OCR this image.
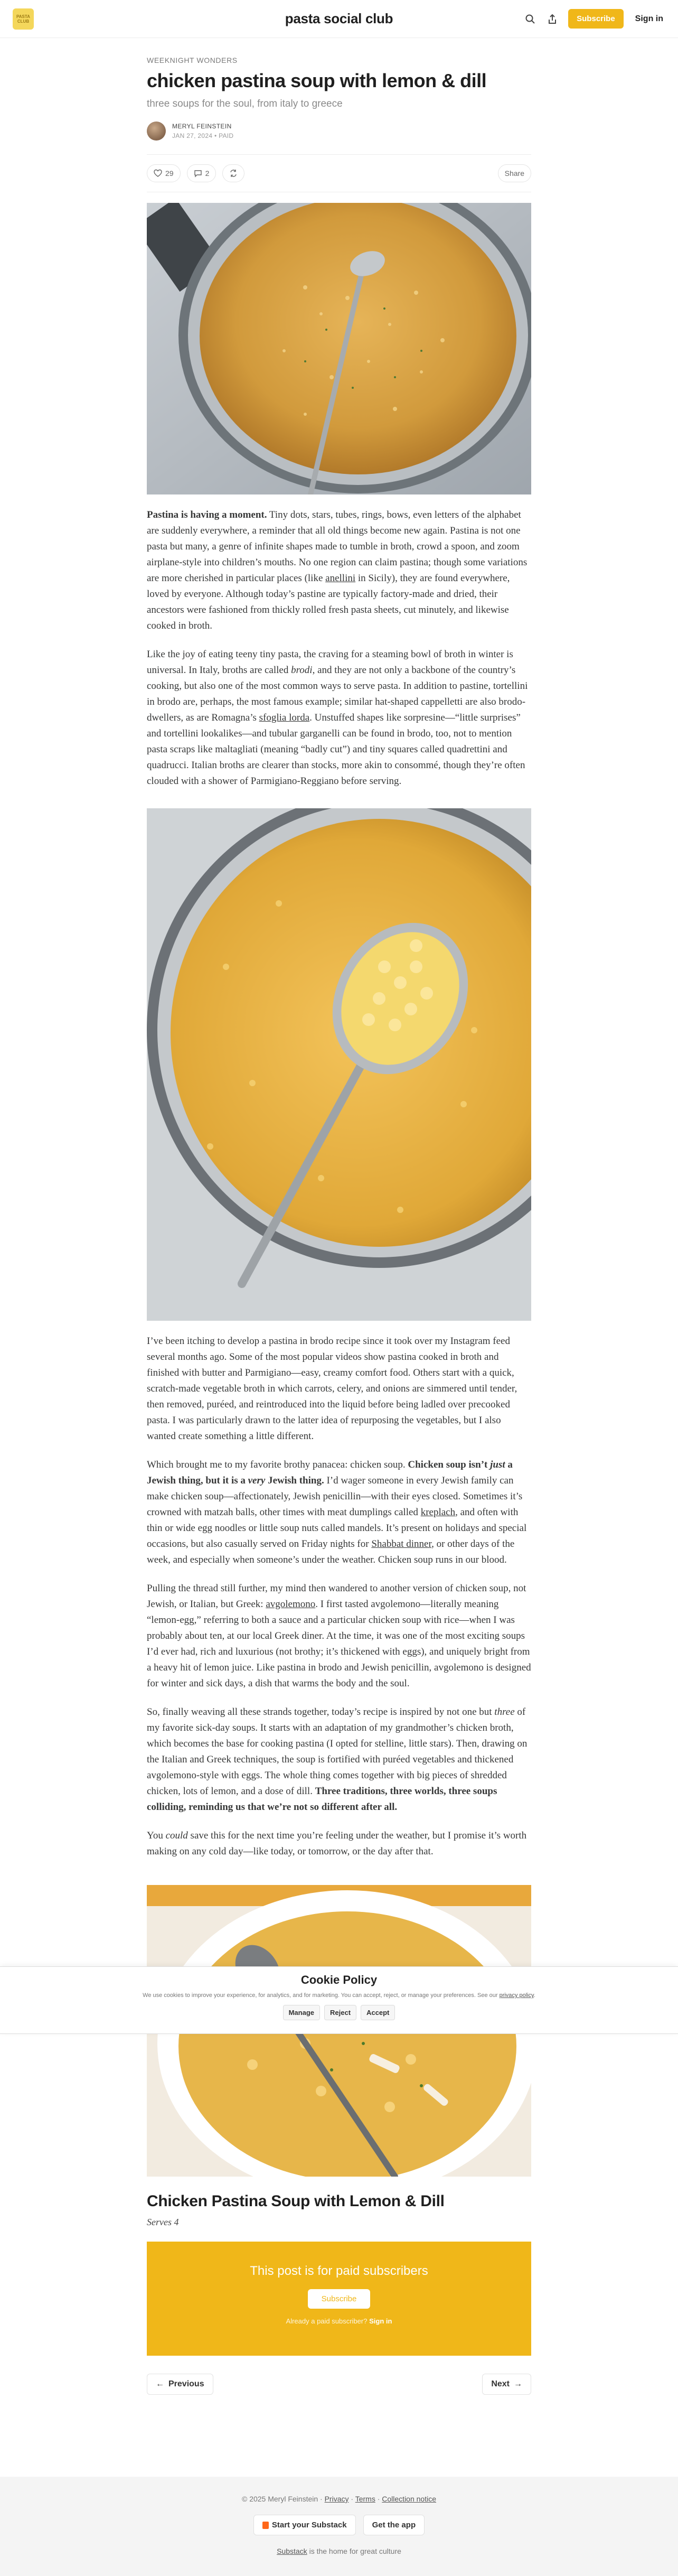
PASTA CLUB	pasta social club	Subscribe	Sign in
WEEKNIGHT WONDERS
chicken pastina soup with lemon & dill
three soups for the soul, from italy to greece
MERYL FEINSTEIN
JAN 27, 2024 • PAID
29	2	Share

Pastina is having a moment. Tiny dots, stars, tubes, rings, bows, even letters of the alphabet are suddenly everywhere, a reminder that all old things become new again. Pastina is not one pasta but many, a genre of infinite shapes made to tumble in broth, crowd a spoon, and zoom airplane-style into children’s mouths. No one region can claim pastina; though some variations are more cherished in particular places (like anellini in Sicily), they are found everywhere, loved by everyone. Although today’s pastine are typically factory-made and dried, their ancestors were fashioned from thickly rolled fresh pasta sheets, cut minutely, and likewise cooked in broth.

Like the joy of eating teeny tiny pasta, the craving for a steaming bowl of broth in winter is universal. In Italy, broths are called brodi, and they are not only a backbone of the country’s cooking, but also one of the most common ways to serve pasta. In addition to pastine, tortellini in brodo are, perhaps, the most famous example; similar hat-shaped cappelletti are also brodo-dwellers, as are Romagna’s sfoglia lorda. Unstuffed shapes like sorpresine—“little surprises” and tortellini lookalikes—and tubular garganelli can be found in brodo, too, not to mention pasta scraps like maltagliati (meaning “badly cut”) and tiny squares called quadrettini and quadrucci. Italian broths are clearer than stocks, more akin to consommé, though they’re often clouded with a shower of Parmigiano-Reggiano before serving.

I’ve been itching to develop a pastina in brodo recipe since it took over my Instagram feed several months ago. Some of the most popular videos show pastina cooked in broth and finished with butter and Parmigiano—easy, creamy comfort food. Others start with a quick, scratch-made vegetable broth in which carrots, celery, and onions are simmered until tender, then removed, puréed, and reintroduced into the liquid before being ladled over precooked pasta. I was particularly drawn to the latter idea of repurposing the vegetables, but I also wanted create something a little different.

Which brought me to my favorite brothy panacea: chicken soup. Chicken soup isn’t just a Jewish thing, but it is a very Jewish thing. I’d wager someone in every Jewish family can make chicken soup—affectionately, Jewish penicillin—with their eyes closed. Sometimes it’s crowned with matzah balls, other times with meat dumplings called kreplach, and often with thin or wide egg noodles or little soup nuts called mandels. It’s present on holidays and special occasions, but also casually served on Friday nights for Shabbat dinner, or other days of the week, and especially when someone’s under the weather. Chicken soup runs in our blood.

Pulling the thread still further, my mind then wandered to another version of chicken soup, not Jewish, or Italian, but Greek: avgolemono. I first tasted avgolemono—literally meaning “lemon-egg,” referring to both a sauce and a particular chicken soup with rice—when I was probably about ten, at our local Greek diner. At the time, it was one of the most exciting soups I’d ever had, rich and luxurious (not brothy; it’s thickened with eggs), and uniquely bright from a heavy hit of lemon juice. Like pastina in brodo and Jewish penicillin, avgolemono is designed for winter and sick days, a dish that warms the body and the soul.

So, finally weaving all these strands together, today’s recipe is inspired by not one but three of my favorite sick-day soups. It starts with an adaptation of my grandmother’s chicken broth, which becomes the base for cooking pastina (I opted for stelline, little stars). Then, drawing on the Italian and Greek techniques, the soup is fortified with puréed vegetables and thickened avgolemono-style with eggs. The whole thing comes together with big pieces of shredded chicken, lots of lemon, and a dose of dill. Three traditions, three worlds, three soups colliding, reminding us that we’re not so different after all.

You could save this for the next time you’re feeling under the weather, but I promise it’s worth making on any cold day—like today, or tomorrow, or the day after that.

Chicken Pastina Soup with Lemon & Dill
Serves 4
This post is for paid subscribers
Subscribe
Already a paid subscriber? Sign in
← Previous	Next →
© 2025 Meryl Feinstein · Privacy · Terms · Collection notice
Start your Substack	Get the app
Substack is the home for great culture
Cookie Policy
We use cookies to improve your experience, for analytics, and for marketing. You can accept, reject, or manage your preferences. See our privacy policy.
Manage	Reject	Accept
